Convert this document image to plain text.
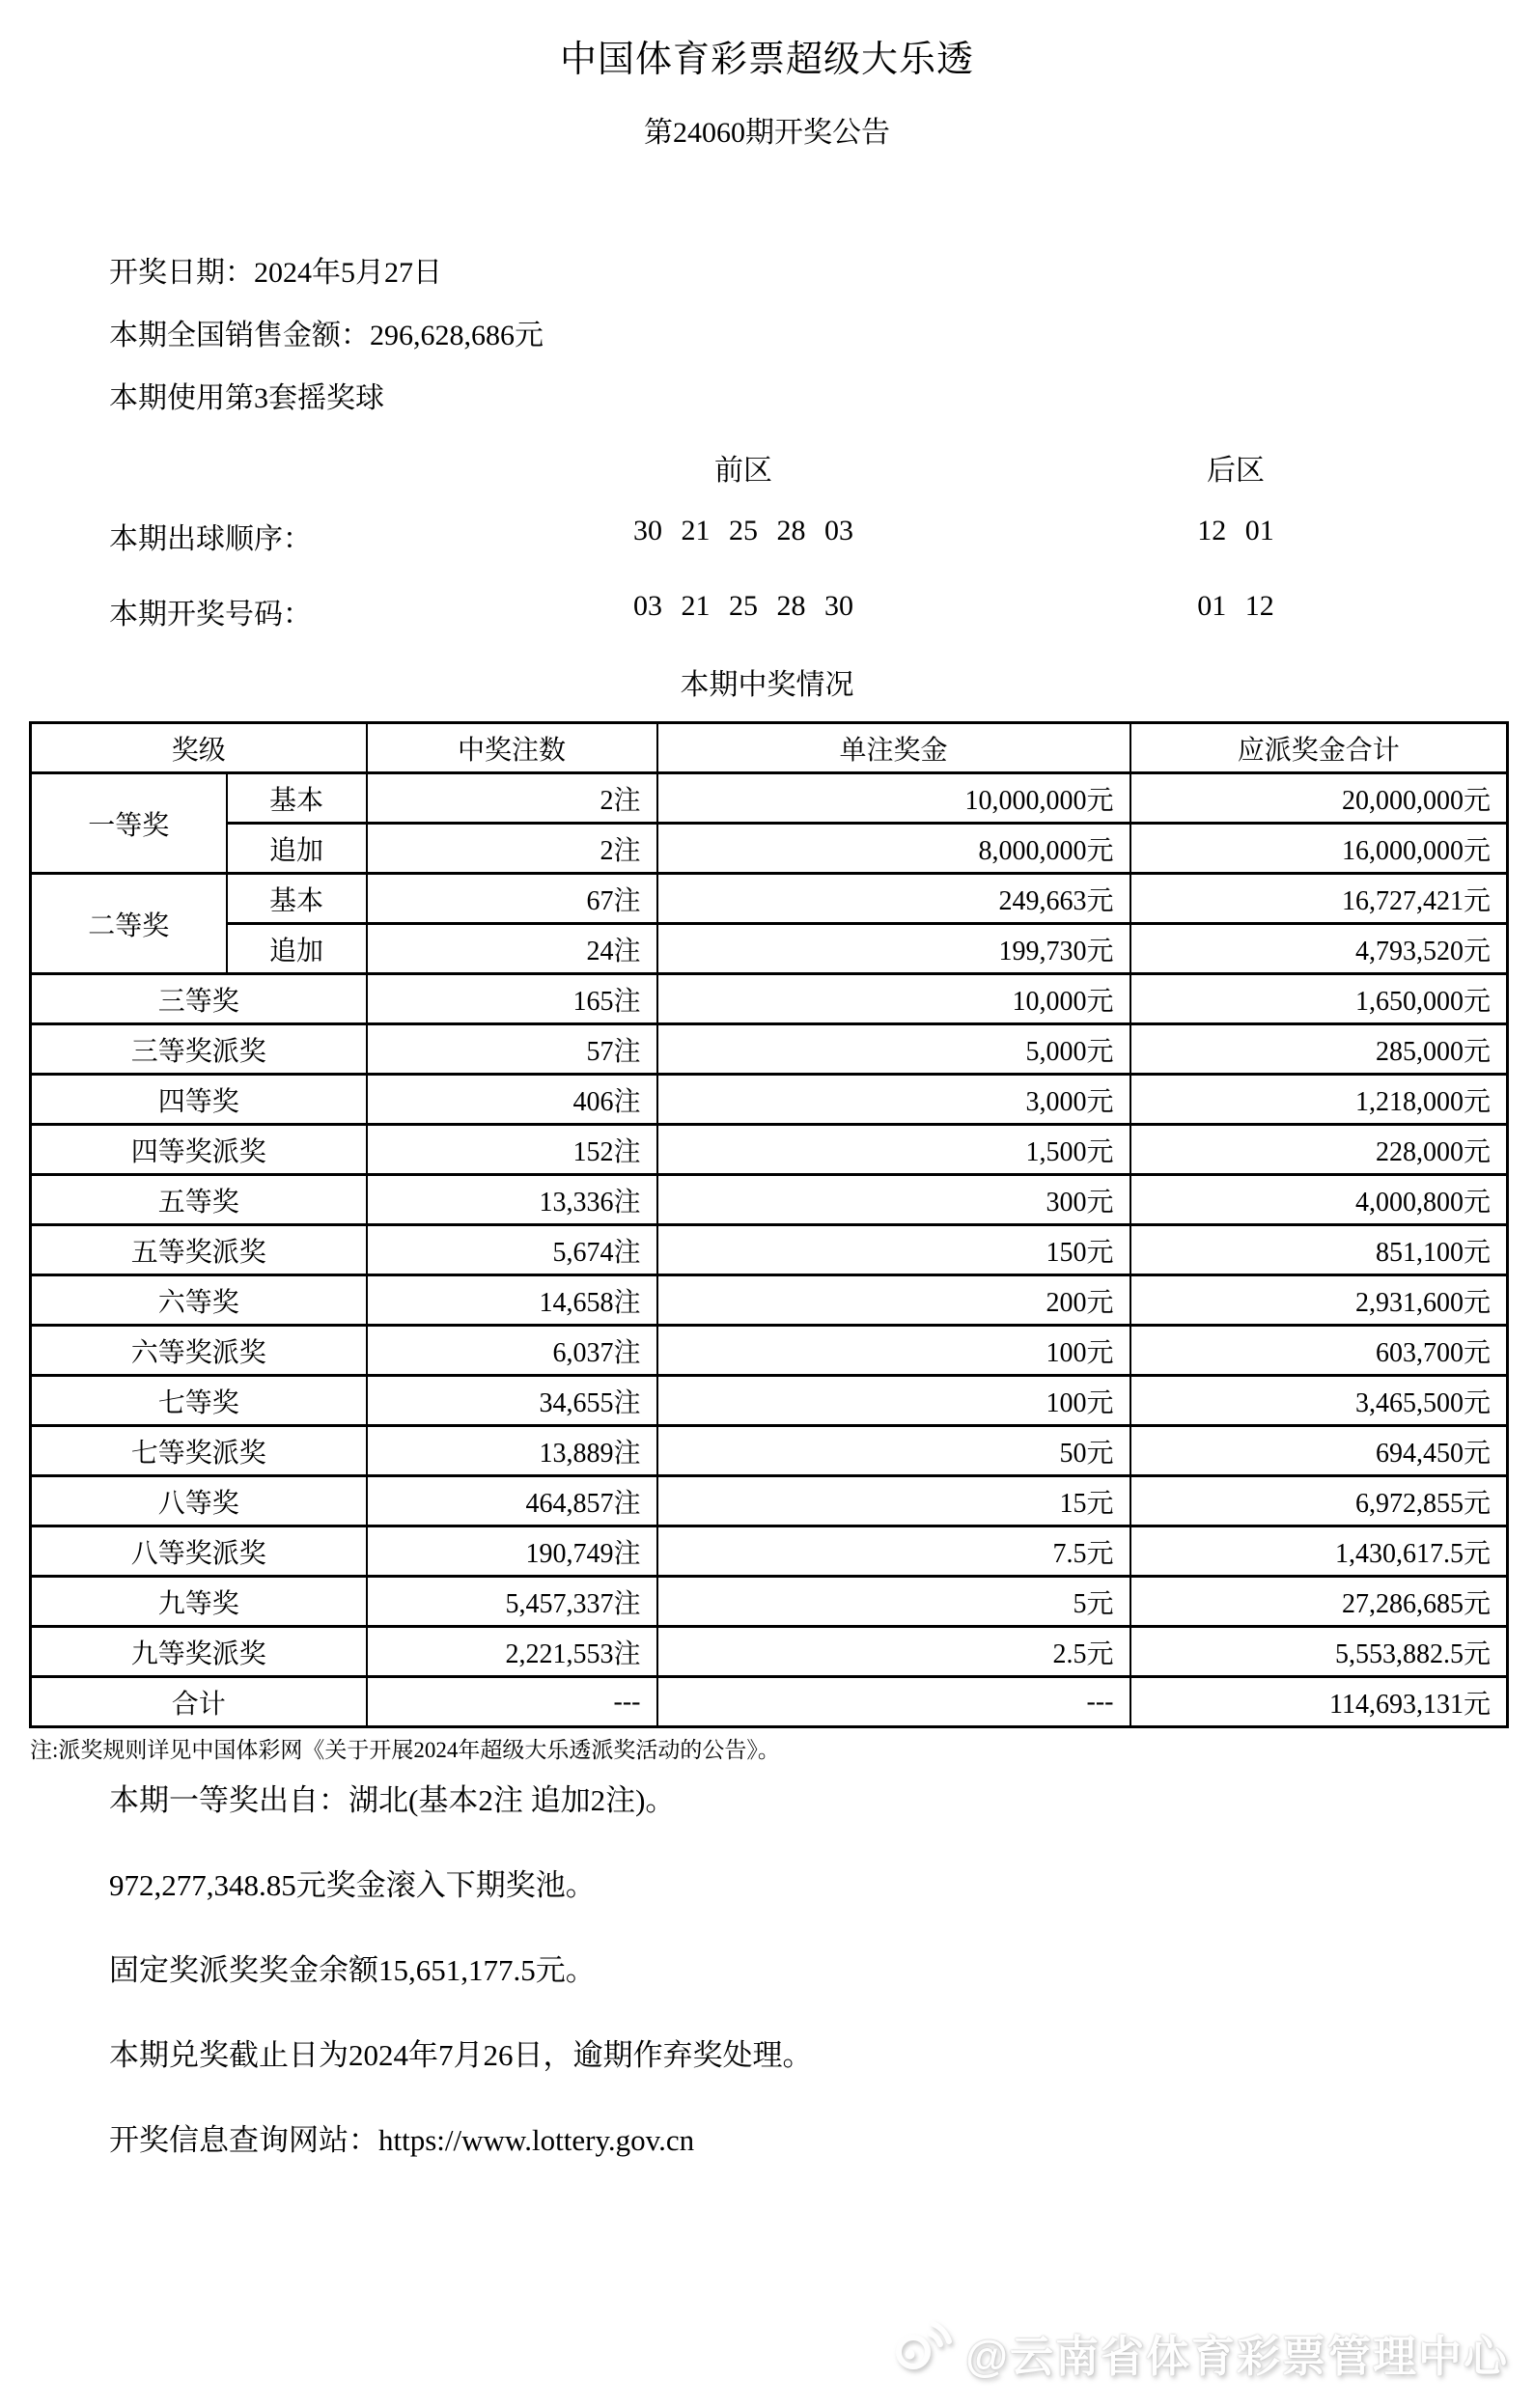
中国体育彩票超级大乐透
第24060期开奖公告
开奖日期：2024年5月27日
本期全国销售金额：296,628,686元
本期使用第3套摇奖球
前区	后区
本期出球顺序：	30 21 25 28 03	12 01
本期开奖号码：	03 21 25 28 30	01 12
本期中奖情况
奖级		中奖注数	单注奖金	应派奖金合计
一等奖	基本	2注	10,000,000元	20,000,000元
	追加	2注	8,000,000元	16,000,000元
二等奖	基本	67注	249,663元	16,727,421元
	追加	24注	199,730元	4,793,520元
三等奖		165注	10,000元	1,650,000元
三等奖派奖		57注	5,000元	285,000元
四等奖		406注	3,000元	1,218,000元
四等奖派奖		152注	1,500元	228,000元
五等奖		13,336注	300元	4,000,800元
五等奖派奖		5,674注	150元	851,100元
六等奖		14,658注	200元	2,931,600元
六等奖派奖		6,037注	100元	603,700元
七等奖		34,655注	100元	3,465,500元
七等奖派奖		13,889注	50元	694,450元
八等奖		464,857注	15元	6,972,855元
八等奖派奖		190,749注	7.5元	1,430,617.5元
九等奖		5,457,337注	5元	27,286,685元
九等奖派奖		2,221,553注	2.5元	5,553,882.5元
合计		---	---	114,693,131元
注:派奖规则详见中国体彩网《关于开展2024年超级大乐透派奖活动的公告》。
本期一等奖出自：湖北(基本2注 追加2注)。
972,277,348.85元奖金滚入下期奖池。
固定奖派奖奖金余额15,651,177.5元。
本期兑奖截止日为2024年7月26日，逾期作弃奖处理。
开奖信息查询网站：https://www.lottery.gov.cn
@云南省体育彩票管理中心
